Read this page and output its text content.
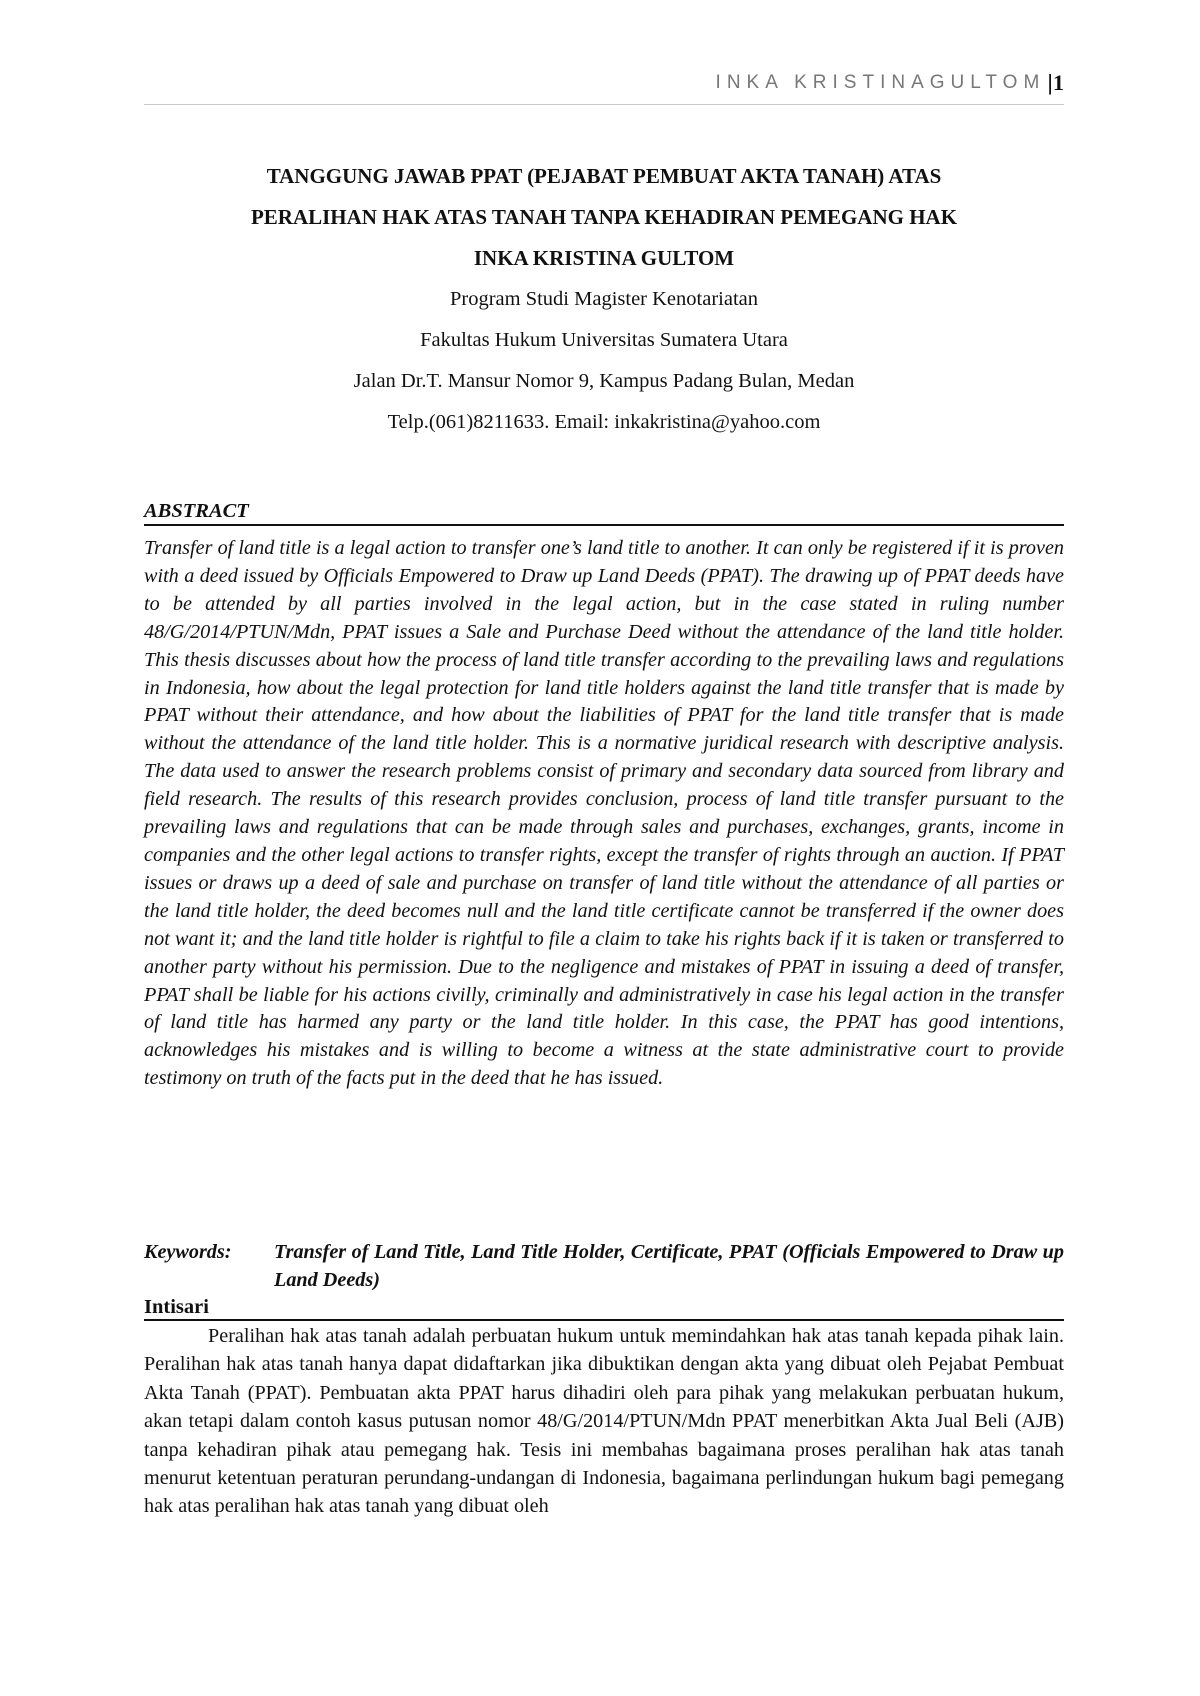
INKA KRISTINAGULTOM|1
TANGGUNG JAWAB PPAT (PEJABAT PEMBUAT AKTA TANAH) ATAS
PERALIHAN HAK ATAS TANAH TANPA KEHADIRAN PEMEGANG HAK
INKA KRISTINA GULTOM
Program Studi Magister Kenotariatan
Fakultas Hukum Universitas Sumatera Utara
Jalan Dr.T. Mansur Nomor 9, Kampus Padang Bulan, Medan
Telp.(061)8211633. Email: inkakristina@yahoo.com
ABSTRACT

Transfer of land title is a legal action to transfer one’s land title to another. It can only be registered if it is proven with a deed issued by Officials Empowered to Draw up Land Deeds (PPAT). The drawing up of PPAT deeds have to be attended by all parties involved in the legal action, but in the case stated in ruling number 48/G/2014/PTUN/Mdn, PPAT issues a Sale and Purchase Deed without the attendance of the land title holder. This thesis discusses about how the process of land title transfer according to the prevailing laws and regulations in Indonesia, how about the legal protection for land title holders against the land title transfer that is made by PPAT without their attendance, and how about the liabilities of PPAT for the land title transfer that is made without the attendance of the land title holder. This is a normative juridical research with descriptive analysis. The data used to answer the research problems consist of primary and secondary data sourced from library and field research. The results of this research provides conclusion, process of land title transfer pursuant to the prevailing laws and regulations that can be made through sales and purchases, exchanges, grants, income in companies and the other legal actions to transfer rights, except the transfer of rights through an auction. If PPAT issues or draws up a deed of sale and purchase on transfer of land title without the attendance of all parties or the land title holder, the deed becomes null and the land title certificate cannot be transferred if the owner does not want it; and the land title holder is rightful to file a claim to take his rights back if it is taken or transferred to another party without his permission. Due to the negligence and mistakes of PPAT in issuing a deed of transfer, PPAT shall be liable for his actions civilly, criminally and administratively in case his legal action in the transfer of land title has harmed any party or the land title holder. In this case, the PPAT has good intentions, acknowledges his mistakes and is willing to become a witness at the state administrative court to provide testimony on truth of the facts put in the deed that he has issued.

Keywords: Transfer of Land Title, Land Title Holder, Certificate, PPAT (Officials Empowered to Draw up Land Deeds)
Intisari

Peralihan hak atas tanah adalah perbuatan hukum untuk memindahkan hak atas tanah kepada pihak lain. Peralihan hak atas tanah hanya dapat didaftarkan jika dibuktikan dengan akta yang dibuat oleh Pejabat Pembuat Akta Tanah (PPAT). Pembuatan akta PPAT harus dihadiri oleh para pihak yang melakukan perbuatan hukum, akan tetapi dalam contoh kasus putusan nomor 48/G/2014/PTUN/Mdn PPAT menerbitkan Akta Jual Beli (AJB) tanpa kehadiran pihak atau pemegang hak. Tesis ini membahas bagaimana proses peralihan hak atas tanah menurut ketentuan peraturan perundang-undangan di Indonesia, bagaimana perlindungan hukum bagi pemegang hak atas peralihan hak atas tanah yang dibuat oleh
